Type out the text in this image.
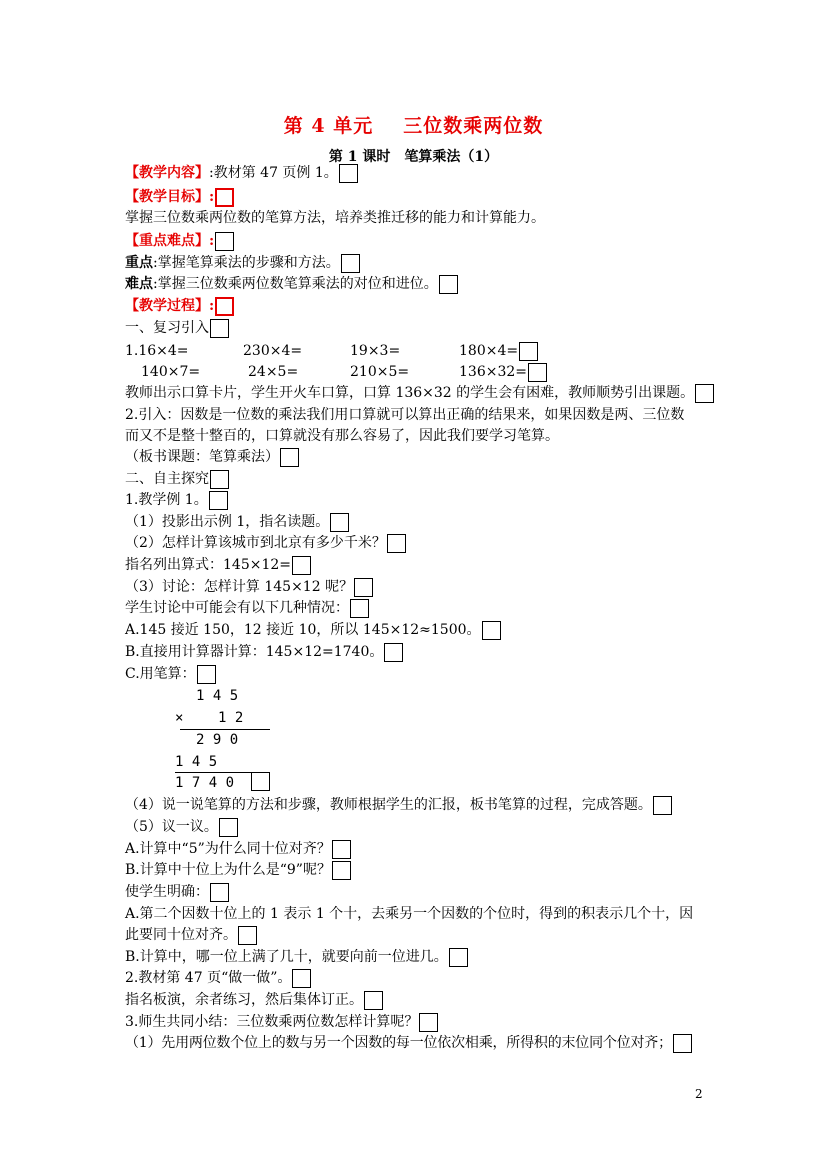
第 4 单元 三位数乘两位数
第 1 课时　笔算乘法（1）
【教学内容】:教材第 47 页例 1。
【教学目标】:
掌握三位数乘两位数的笔算方法，培养类推迁移的能力和计算能力。
【重点难点】:
重点:掌握笔算乘法的步骤和方法。
难点:掌握三位数乘两位数笔算乘法的对位和进位。
【教学过程】:
一、复习引入
1.16×4=	230×4=	19×3=	180×4=
140×7=	24×5=	210×5=	136×32=
教师出示口算卡片，学生开火车口算，口算 136×32 的学生会有困难，教师顺势引出课题。
2.引入：因数是一位数的乘法我们用口算就可以算出正确的结果来，如果因数是两、三位数
而又不是整十整百的，口算就没有那么容易了，因此我们要学习笔算。
（板书课题：笔算乘法）
二、自主探究
1.教学例 1。
（1）投影出示例 1，指名读题。
（2）怎样计算该城市到北京有多少千米？
指名列出算式：145×12=
（3）讨论：怎样计算 145×12 呢？
学生讨论中可能会有以下几种情况：
A.145 接近 150，12 接近 10，所以 145×12≈1500。
B.直接用计算器计算：145×12=1740。
C.用笔算：
1 4 5
× 1 2
2 9 0
1 4 5
1 7 4 0
（4）说一说笔算的方法和步骤，教师根据学生的汇报，板书笔算的过程，完成答题。
（5）议一议。
A.计算中“5”为什么同十位对齐？
B.计算中十位上为什么是“9”呢？
使学生明确：
A.第二个因数十位上的 1 表示 1 个十，去乘另一个因数的个位时，得到的积表示几个十，因
此要同十位对齐。
B.计算中，哪一位上满了几十，就要向前一位进几。
2.教材第 47 页“做一做”。
指名板演，余者练习，然后集体订正。
3.师生共同小结：三位数乘两位数怎样计算呢？
（1）先用两位数个位上的数与另一个因数的每一位依次相乘，所得积的末位同个位对齐；
2
